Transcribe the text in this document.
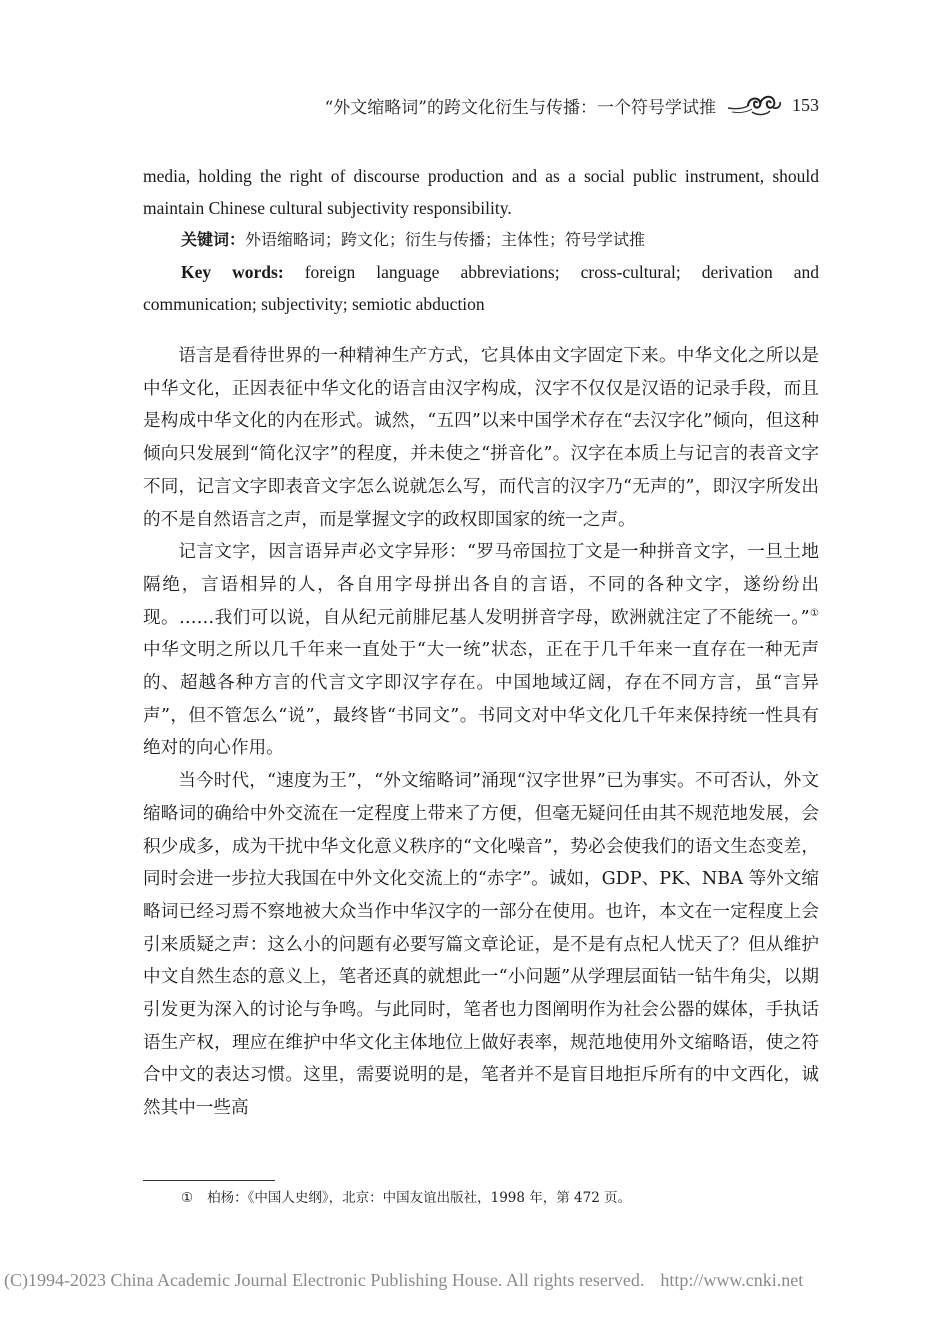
“外文缩略词”的跨文化衍生与传播：一个符号学试推	153
media, holding the right of discourse production and as a social public instrument, should maintain Chinese cultural subjectivity responsibility.
关键词：外语缩略词；跨文化；衍生与传播；主体性；符号学试推
Key words: foreign language abbreviations; cross-cultural; derivation and communication; subjectivity; semiotic abduction

语言是看待世界的一种精神生产方式，它具体由文字固定下来。中华文化之所以是中华文化，正因表征中华文化的语言由汉字构成，汉字不仅仅是汉语的记录手段，而且是构成中华文化的内在形式。诚然，“五四”以来中国学术存在“去汉字化”倾向，但这种倾向只发展到“简化汉字”的程度，并未使之“拼音化”。汉字在本质上与记言的表音文字不同，记言文字即表音文字怎么说就怎么写，而代言的汉字乃“无声的”，即汉字所发出的不是自然语言之声，而是掌握文字的政权即国家的统一之声。

记言文字，因言语异声必文字异形：“罗马帝国拉丁文是一种拼音文字，一旦土地隔绝，言语相异的人，各自用字母拼出各自的言语，不同的各种文字，遂纷纷出现。……我们可以说，自从纪元前腓尼基人发明拼音字母，欧洲就注定了不能统一。”①中华文明之所以几千年来一直处于“大一统”状态，正在于几千年来一直存在一种无声的、超越各种方言的代言文字即汉字存在。中国地域辽阔，存在不同方言，虽“言异声”，但不管怎么“说”，最终皆“书同文”。书同文对中华文化几千年来保持统一性具有绝对的向心作用。

当今时代，“速度为王”，“外文缩略词”涌现“汉字世界”已为事实。不可否认，外文缩略词的确给中外交流在一定程度上带来了方便，但毫无疑问任由其不规范地发展，会积少成多，成为干扰中华文化意义秩序的“文化噪音”，势必会使我们的语文生态变差，同时会进一步拉大我国在中外文化交流上的“赤字”。诚如，GDP、PK、NBA 等外文缩略词已经习焉不察地被大众当作中华汉字的一部分在使用。也许，本文在一定程度上会引来质疑之声：这么小的问题有必要写篇文章论证，是不是有点杞人忧天了？但从维护中文自然生态的意义上，笔者还真的就想此一“小问题”从学理层面钻一钻牛角尖，以期引发更为深入的讨论与争鸣。与此同时，笔者也力图阐明作为社会公器的媒体，手执话语生产权，理应在维护中华文化主体地位上做好表率，规范地使用外文缩略语，使之符合中文的表达习惯。这里，需要说明的是，笔者并不是盲目地拒斥所有的中文西化，诚然其中一些高

① 柏杨：《中国人史纲》，北京：中国友谊出版社，1998 年，第 472 页。
(C)1994-2023 China Academic Journal Electronic Publishing House. All rights reserved. http://www.cnki.net
